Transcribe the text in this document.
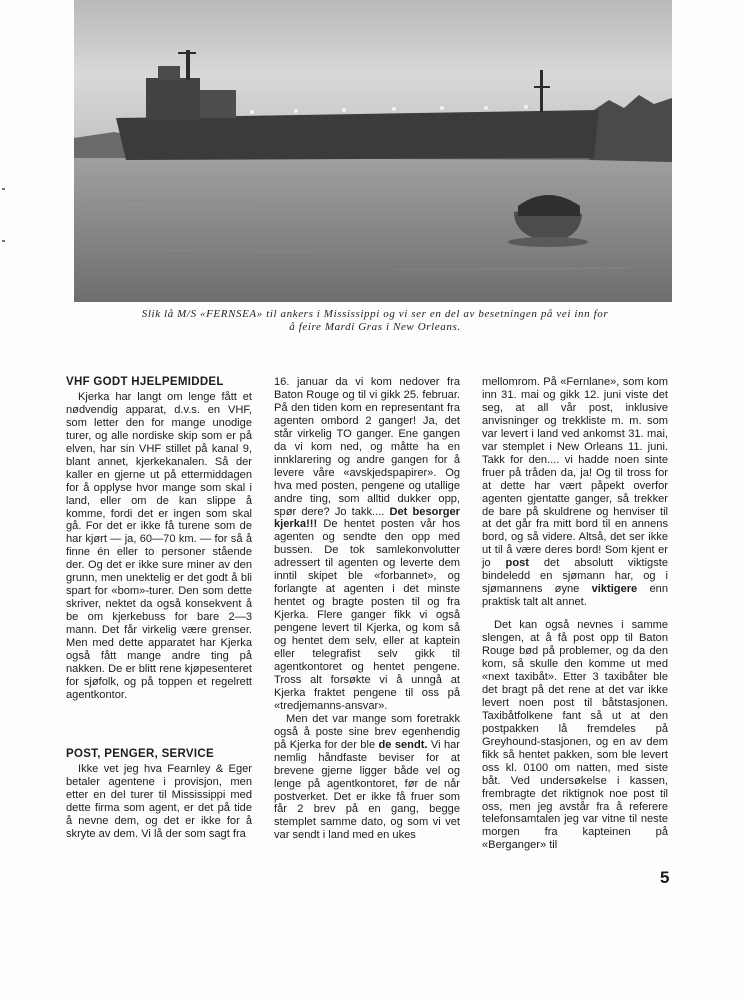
Slik lå M/S «FERNSEA» til ankers i Mississippi og vi ser en del av besetningen på vei inn for
å feire Mardi Gras i New Orleans.
VHF GODT HJELPEMIDDEL

Kjerka har langt om lenge fått et nødvendig apparat, d.v.s. en VHF, som letter den for mange unodige turer, og alle nordiske skip som er på elven, har sin VHF stillet på kanal 9, blant annet, kjerkekanalen. Så der kaller en gjerne ut på ettermiddagen for å opplyse hvor mange som skal i land, eller om de kan slippe å komme, fordi det er ingen som skal gå. For det er ikke få turene som de har kjørt — ja, 60—70 km. — for så å finne én eller to personer stående der. Og det er ikke sure miner av den grunn, men unektelig er det godt å bli spart for «bom»-turer. Den som dette skriver, nektet da også konsekvent å be om kjerkebuss for bare 2—3 mann. Det får virkelig være grenser. Men med dette apparatet har Kjerka også fått mange andre ting på nakken. De er blitt rene kjøpesenteret for sjøfolk, og på toppen et regelrett agentkontor.

POST, PENGER, SERVICE

Ikke vet jeg hva Fearnley & Eger betaler agentene i provisjon, men etter en del turer til Mississippi med dette firma som agent, er det på tide å nevne dem, og det er ikke for å skryte av dem. Vi lå der som sagt fra

16. januar da vi kom nedover fra Baton Rouge og til vi gikk 25. februar. På den tiden kom en representant fra agenten ombord 2 ganger! Ja, det står virkelig TO ganger. Ene gangen da vi kom ned, og måtte ha en innklarering og andre gangen for å levere våre «avskjedspapirer». Og hva med posten, pengene og utallige andre ting, som alltid dukker opp, spør dere? Jo takk.... Det besorger kjerka!!! De hentet posten vår hos agenten og sendte den opp med bussen. De tok samlekonvolutter adressert til agenten og leverte dem inntil skipet ble «forbannet», og forlangte at agenten i det minste hentet og bragte posten til og fra Kjerka. Flere ganger fikk vi også pengene levert til Kjerka, og kom så og hentet dem selv, eller at kaptein eller telegrafist selv gikk til agentkontoret og hentet pengene. Tross alt forsøkte vi å unngå at Kjerka fraktet pengene til oss på «tredjemanns-ansvar».

Men det var mange som foretrakk også å poste sine brev egenhendig på Kjerka for der ble de sendt. Vi har nemlig håndfaste beviser for at brevene gjerne ligger både vel og lenge på agentkontoret, før de når postverket. Det er ikke få fruer som får 2 brev på en gang, begge stemplet samme dato, og som vi vet var sendt i land med en ukes

mellomrom. På «Fernlane», som kom inn 31. mai og gikk 12. juni viste det seg, at all vår post, inklusive anvisninger og trekkliste m. m. som var levert i land ved ankomst 31. mai, var stemplet i New Orleans 11. juni. Takk for den.... vi hadde noen sinte fruer på tråden da, ja! Og til tross for at dette har vært påpekt overfor agenten gjentatte ganger, så trekker de bare på skuldrene og henviser til at det går fra mitt bord til en annens bord, og så videre. Altså, det ser ikke ut til å være deres bord! Som kjent er jo post det absolutt viktigste bindeledd en sjømann har, og i sjømannens øyne viktigere enn praktisk talt alt annet.

Det kan også nevnes i samme slengen, at å få post opp til Baton Rouge bød på problemer, og da den kom, så skulle den komme ut med «next taxibåt». Etter 3 taxibåter ble det bragt på det rene at det var ikke levert noen post til båtstasjonen. Taxibåtfolkene fant så ut at den postpakken lå fremdeles på Greyhound-stasjonen, og en av dem fikk så hentet pakken, som ble levert oss kl. 0100 om natten, med siste båt. Ved undersøkelse i kassen, frembragte det riktignok noe post til oss, men jeg avstår fra å referere telefonsamtalen jeg var vitne til neste morgen fra kapteinen på «Berganger» til

5
